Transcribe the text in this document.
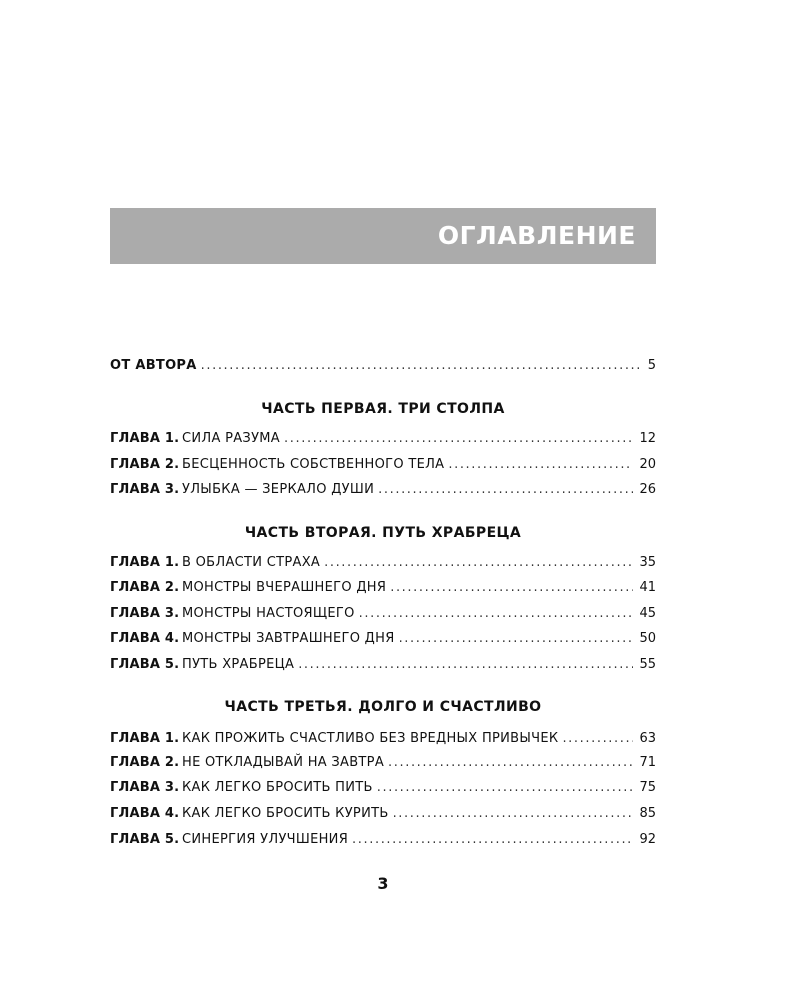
ОГЛАВЛЕНИЕ
ОТ АВТОРА .....	5
ЧАСТЬ ПЕРВАЯ. ТРИ СТОЛПА
ГЛАВА 1. СИЛА РАЗУМА .....	12
ГЛАВА 2. БЕСЦЕННОСТЬ СОБСТВЕННОГО ТЕЛА .....	20
ГЛАВА 3. УЛЫБКА — ЗЕРКАЛО ДУШИ .....	26
ЧАСТЬ ВТОРАЯ. ПУТЬ ХРАБРЕЦА
ГЛАВА 1. В ОБЛАСТИ СТРАХА .....	35
ГЛАВА 2. МОНСТРЫ ВЧЕРАШНЕГО ДНЯ .....	41
ГЛАВА 3. МОНСТРЫ НАСТОЯЩЕГО .....	45
ГЛАВА 4. МОНСТРЫ ЗАВТРАШНЕГО ДНЯ .....	50
ГЛАВА 5. ПУТЬ ХРАБРЕЦА .....	55
ЧАСТЬ ТРЕТЬЯ. ДОЛГО И СЧАСТЛИВО
ГЛАВА 1. КАК ПРОЖИТЬ СЧАСТЛИВО БЕЗ ВРЕДНЫХ ПРИВЫЧЕК .....	63
ГЛАВА 2. НЕ ОТКЛАДЫВАЙ НА ЗАВТРА .....	71
ГЛАВА 3. КАК ЛЕГКО БРОСИТЬ ПИТЬ .....	75
ГЛАВА 4. КАК ЛЕГКО БРОСИТЬ КУРИТЬ .....	85
ГЛАВА 5. СИНЕРГИЯ УЛУЧШЕНИЯ .....	92
3
